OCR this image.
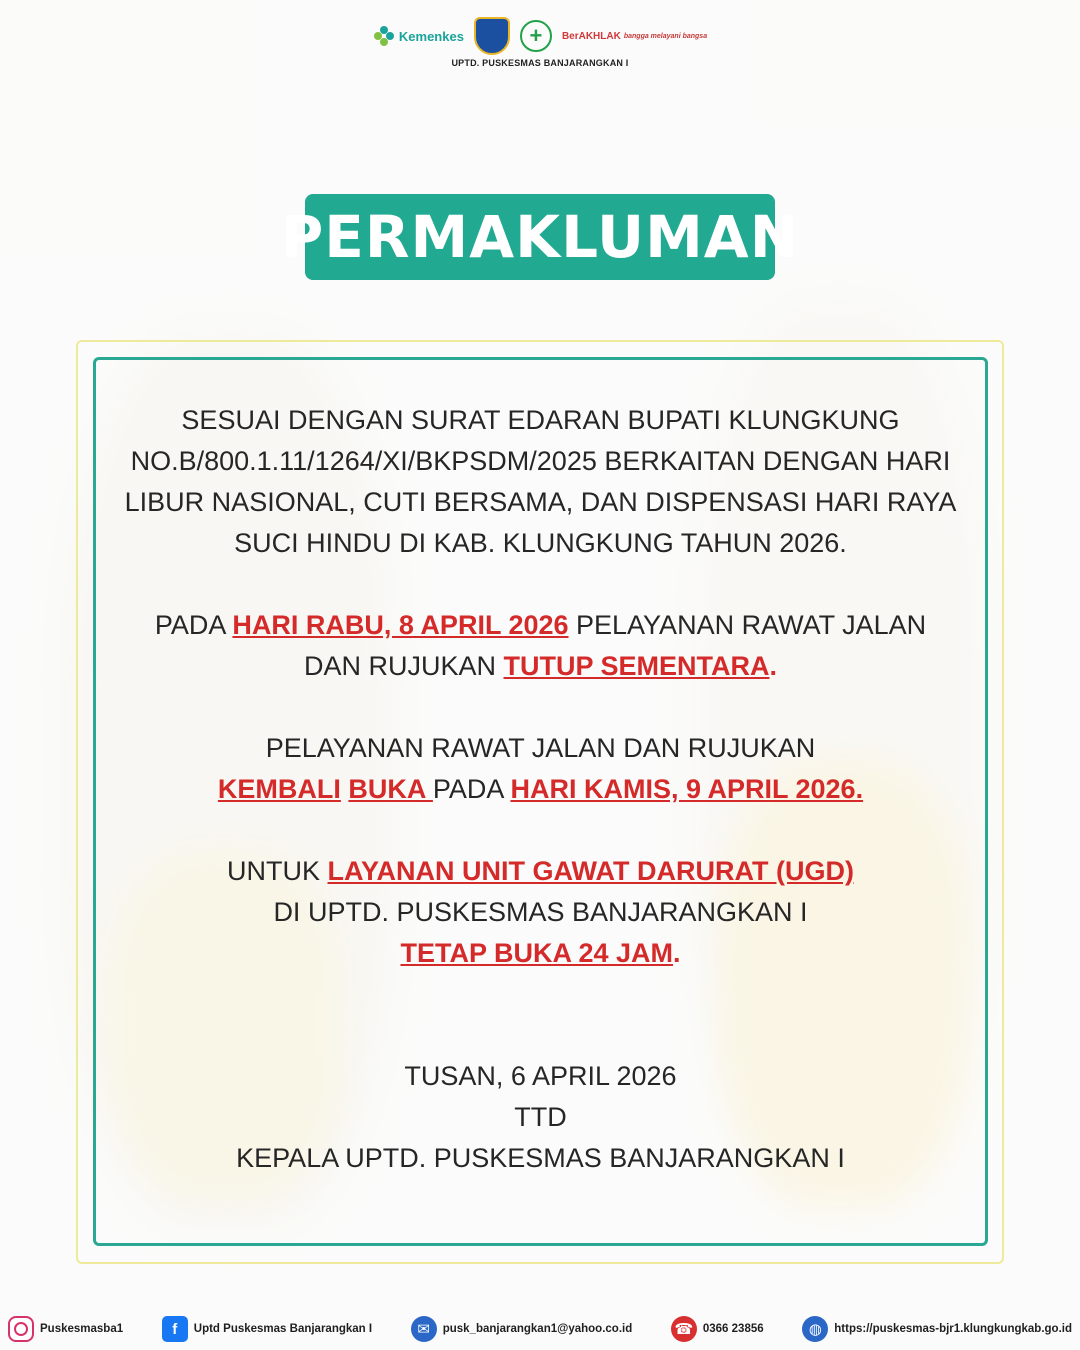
Kemenkes	+	BerAKHLAK bangga melayani bangsa
UPTD. PUSKESMAS BANJARANGKAN I
PERMAKLUMAN

SESUAI DENGAN SURAT EDARAN BUPATI KLUNGKUNG

NO.B/800.1.11/1264/XI/BKPSDM/2025 BERKAITAN DENGAN HARI

LIBUR NASIONAL, CUTI BERSAMA, DAN DISPENSASI HARI RAYA

SUCI HINDU DI KAB. KLUNGKUNG TAHUN 2026.

PADA HARI RABU, 8 APRIL 2026 PELAYANAN RAWAT JALAN

DAN RUJUKAN TUTUP SEMENTARA.

PELAYANAN RAWAT JALAN DAN RUJUKAN

KEMBALI BUKA PADA HARI KAMIS, 9 APRIL 2026.

UNTUK LAYANAN UNIT GAWAT DARURAT (UGD)

DI UPTD. PUSKESMAS BANJARANGKAN I

TETAP BUKA 24 JAM.

TUSAN, 6 APRIL 2026

TTD

KEPALA UPTD. PUSKESMAS BANJARANGKAN I

Puskesmasba1	f	Uptd Puskesmas Banjarangkan I	✉	pusk_banjarangkan1@yahoo.co.id	☎ 0366 23856	◍	https://puskesmas-bjr1.klungkungkab.go.id
